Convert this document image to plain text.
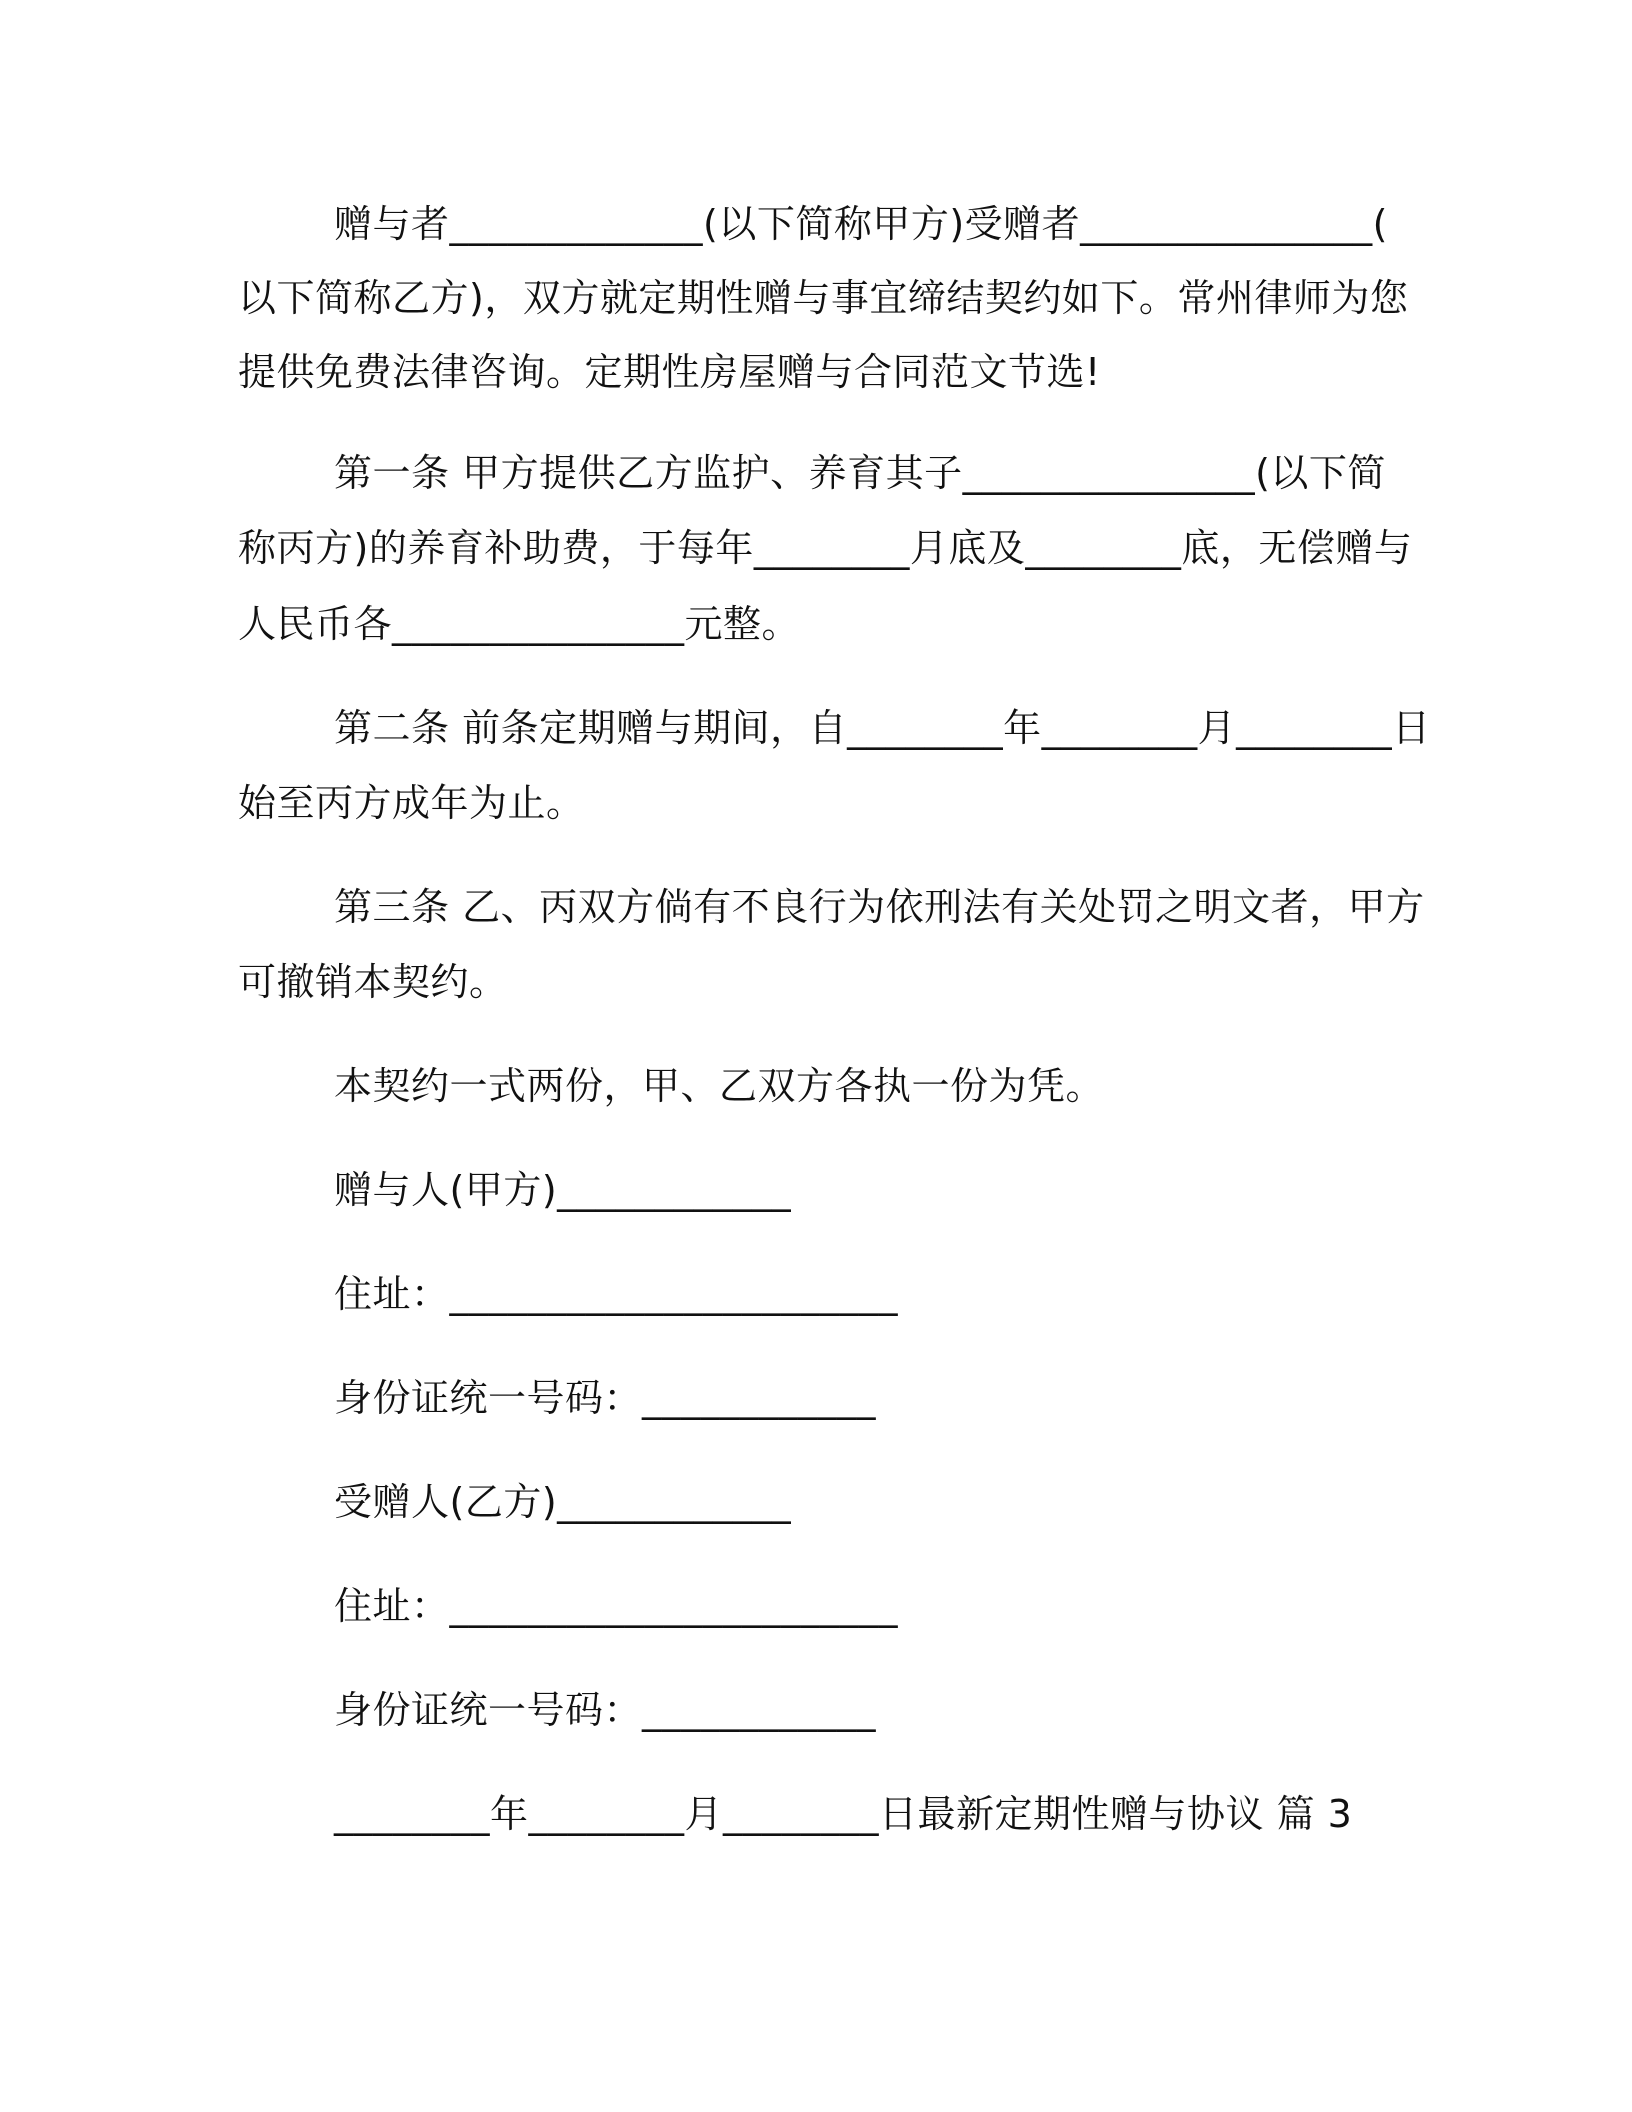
赠与者_____________(以下简称甲方)受赠者_______________(
以下简称乙方)，双方就定期性赠与事宜缔结契约如下。常州律师为您
提供免费法律咨询。定期性房屋赠与合同范文节选!
第一条 甲方提供乙方监护、养育其子_______________(以下简
称丙方)的养育补助费，于每年________月底及________底，无偿赠与
人民币各_______________元整。
第二条 前条定期赠与期间，自________年________月________日
始至丙方成年为止。
第三条 乙、丙双方倘有不良行为依刑法有关处罚之明文者，甲方
可撤销本契约。
本契约一式两份，甲、乙双方各执一份为凭。
赠与人(甲方)____________
住址：_______________________
身份证统一号码：____________
受赠人(乙方)____________
住址：_______________________
身份证统一号码：____________
________年________月________日最新定期性赠与协议 篇 3
